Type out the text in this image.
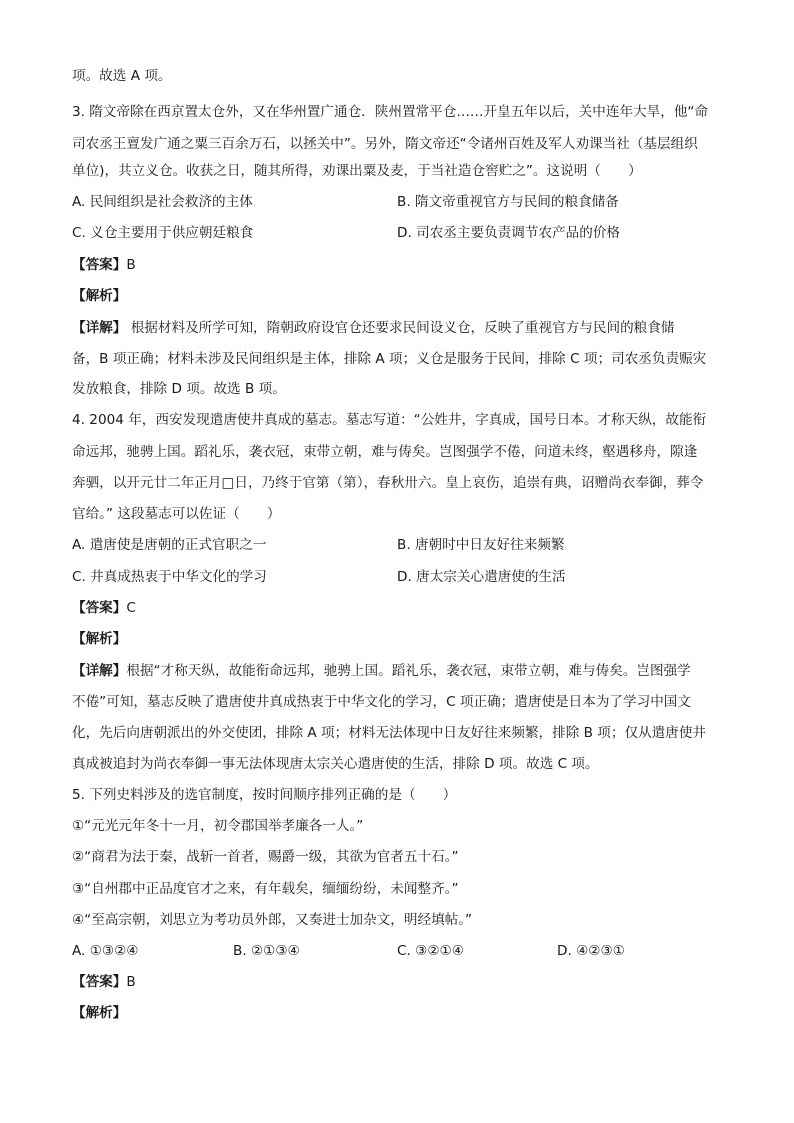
项。故选 A 项。
3. 隋文帝除在西京置太仓外，又在华州置广通仓．陕州置常平仓……开皇五年以后，关中连年大旱，他“命
司农丞王亶发广通之粟三百余万石，以拯关中”。另外，隋文帝还“令诸州百姓及军人劝课当社（基层组织
单位)，共立义仓。收获之日，随其所得，劝课出粟及麦，于当社造仓窖贮之”。这说明（　　）
A. 民间组织是社会救济的主体	B. 隋文帝重视官方与民间的粮食储备
C. 义仓主要用于供应朝廷粮食	D. 司农丞主要负责调节农产品的价格
【答案】B
【解析】
【详解】 根据材料及所学可知，隋朝政府设官仓还要求民间设义仓，反映了重视官方与民间的粮食储
备，B 项正确；材料未涉及民间组织是主体，排除 A 项；义仓是服务于民间，排除 C 项；司农丞负责赈灾
发放粮食，排除 D 项。故选 B 项。
4. 2004 年，西安发现遣唐使井真成的墓志。墓志写道：“公姓井，字真成，国号日本。才称天纵，故能衔
命远邦，驰骋上国。蹈礼乐，袭衣冠，束带立朝，难与俦矣。岂图强学不倦，问道未终，壑遇移舟，隙逢
奔驷，以开元廿二年正月□日，乃终于官第（第），春秋卅六。皇上哀伤，追崇有典，诏赠尚衣奉御，葬令
官给。” 这段墓志可以佐证（　　）
A. 遣唐使是唐朝的正式官职之一	B. 唐朝时中日友好往来频繁
C. 井真成热衷于中华文化的学习	D. 唐太宗关心遣唐使的生活
【答案】C
【解析】
【详解】根据“才称天纵，故能衔命远邦，驰骋上国。蹈礼乐，袭衣冠，束带立朝，难与俦矣。岂图强学
不倦”可知，墓志反映了遣唐使井真成热衷于中华文化的学习，C 项正确；遣唐使是日本为了学习中国文
化，先后向唐朝派出的外交使团，排除 A 项；材料无法体现中日友好往来频繁，排除 B 项；仅从遣唐使井
真成被追封为尚衣奉御一事无法体现唐太宗关心遣唐使的生活，排除 D 项。故选 C 项。
5. 下列史料涉及的选官制度，按时间顺序排列正确的是（　　）
①“元光元年冬十一月，初令郡国举孝廉各一人。”
②“商君为法于秦，战斩一首者，赐爵一级，其欲为官者五十石。”
③“自州郡中正品度官才之来，有年载矣，缅缅纷纷，未闻整齐。”
④“至高宗朝，刘思立为考功员外郎，又奏进士加杂文，明经填帖。”
A. ①③②④	B. ②①③④	C. ③②①④	D. ④②③①
【答案】B
【解析】
